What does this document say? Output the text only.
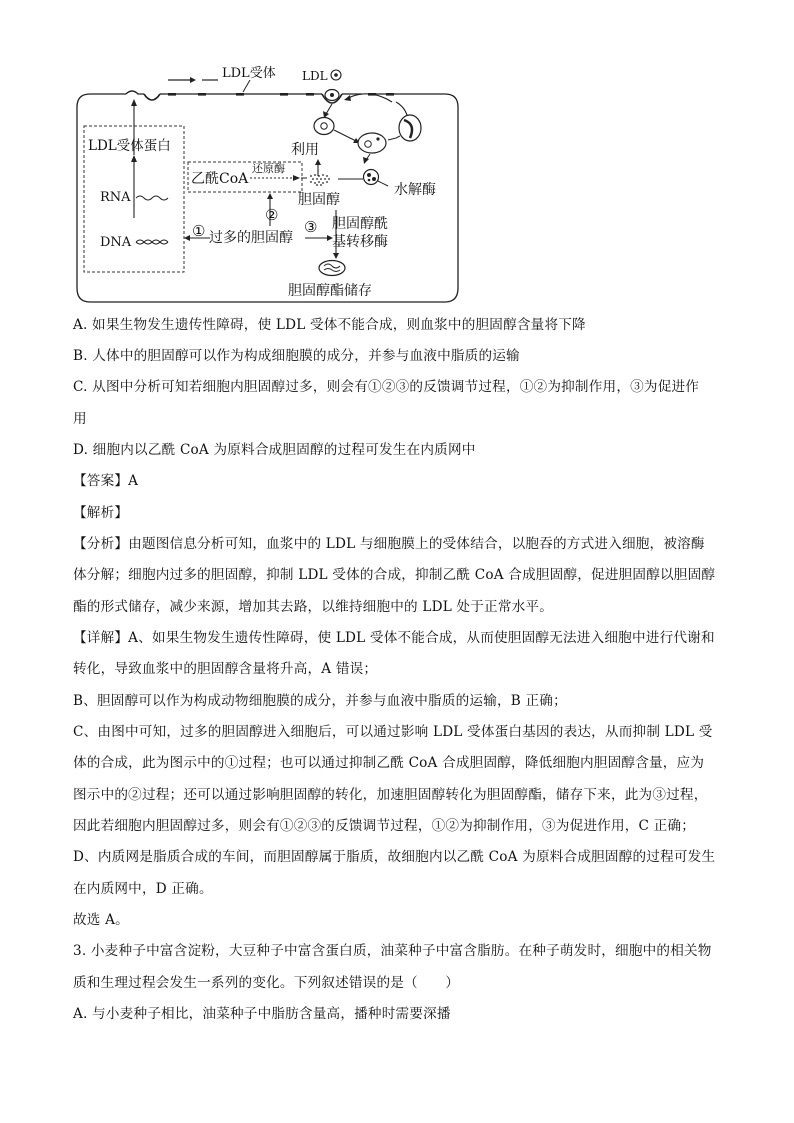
LDL受体 LDL
水解酶
利用
胆固醇
LDL受体蛋白
RNA
DNA
乙酰CoA
还原酶
①
②
过多的胆固醇
③ 胆固醇酰
基转移酶
胆固醇酯储存
A. 如果生物发生遗传性障碍，使 LDL 受体不能合成，则血浆中的胆固醇含量将下降
B. 人体中的胆固醇可以作为构成细胞膜的成分，并参与血液中脂质的运输
C. 从图中分析可知若细胞内胆固醇过多，则会有①②③的反馈调节过程，①②为抑制作用，③为促进作
用
D. 细胞内以乙酰 CoA 为原料合成胆固醇的过程可发生在内质网中
【答案】A
【解析】
【分析】由题图信息分析可知，血浆中的 LDL 与细胞膜上的受体结合，以胞吞的方式进入细胞，被溶酶
体分解；细胞内过多的胆固醇，抑制 LDL 受体的合成，抑制乙酰 CoA 合成胆固醇，促进胆固醇以胆固醇
酯的形式储存，减少来源，增加其去路，以维持细胞中的 LDL 处于正常水平。
【详解】A、如果生物发生遗传性障碍，使 LDL 受体不能合成，从而使胆固醇无法进入细胞中进行代谢和
转化，导致血浆中的胆固醇含量将升高，A 错误；
B、胆固醇可以作为构成动物细胞膜的成分，并参与血液中脂质的运输，B 正确；
C、由图中可知，过多的胆固醇进入细胞后，可以通过影响 LDL 受体蛋白基因的表达，从而抑制 LDL 受
体的合成，此为图示中的①过程；也可以通过抑制乙酰 CoA 合成胆固醇，降低细胞内胆固醇含量，应为
图示中的②过程；还可以通过影响胆固醇的转化，加速胆固醇转化为胆固醇酯，储存下来，此为③过程，
因此若细胞内胆固醇过多，则会有①②③的反馈调节过程，①②为抑制作用，③为促进作用，C 正确；
D、内质网是脂质合成的车间，而胆固醇属于脂质，故细胞内以乙酰 CoA 为原料合成胆固醇的过程可发生
在内质网中，D 正确。
故选 A。
3. 小麦种子中富含淀粉，大豆种子中富含蛋白质，油菜种子中富含脂肪。在种子萌发时，细胞中的相关物
质和生理过程会发生一系列的变化。下列叙述错误的是（　　）
A. 与小麦种子相比，油菜种子中脂肪含量高，播种时需要深播
